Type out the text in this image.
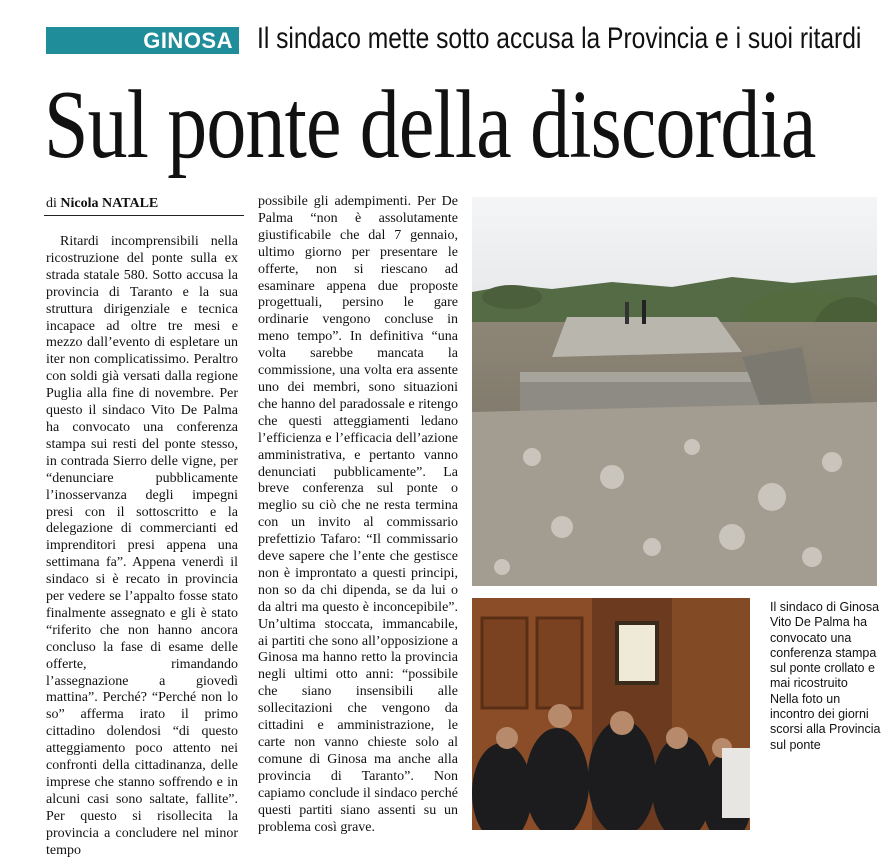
GINOSA Il sindaco mette sotto accusa la Provincia e i suoi ritardi
Sul ponte della discordia
di Nicola NATALE

Ritardi incomprensibili nella ricostruzione del ponte sulla ex strada statale 580. Sotto accusa la provincia di Taranto e la sua struttura dirigenziale e tecnica incapace ad oltre tre mesi e mezzo dall’evento di espletare un iter non complicatissimo. Peraltro con soldi già versati dalla regione Puglia alla fine di novembre. Per questo il sindaco Vito De Palma ha convocato una conferenza stampa sui resti del ponte stesso, in contrada Sierro delle vigne, per “denunciare pubblicamente l’inosservanza degli impegni presi con il sottoscritto e la delegazione di commercianti ed imprenditori presi appena una settimana fa”. Appena venerdì il sindaco si è recato in provincia per vedere se l’appalto fosse stato finalmente assegnato e gli è stato “riferito che non hanno ancora concluso la fase di esame delle offerte, rimandando l’assegnazione a giovedì mattina”. Perché? “Perché non lo so” afferma irato il primo cittadino dolendosi “di questo atteggiamento poco attento nei confronti della cittadinanza, delle imprese che stanno soffrendo e in alcuni casi sono saltate, fallite”. Per questo si risollecita la provincia a concludere nel minor tempo

possibile gli adempimenti. Per De Palma “non è assolutamente giustificabile che dal 7 gennaio, ultimo giorno per presentare le offerte, non si riescano ad esaminare appena due proposte progettuali, persino le gare ordinarie vengono concluse in meno tempo”. In definitiva “una volta sarebbe mancata la commissione, una volta era assente uno dei membri, sono situazioni che hanno del paradossale e ritengo che questi atteggiamenti ledano l’efficienza e l’efficacia dell’azione amministrativa, e pertanto vanno denunciati pubblicamente”. La breve conferenza sul ponte o meglio su ciò che ne resta termina con un invito al commissario prefettizio Tafaro: “Il commissario deve sapere che l’ente che gestisce non è improntato a questi principi, non so da chi dipenda, se da lui o da altri ma questo è inconcepibile”. Un’ultima stoccata, immancabile, ai partiti che sono all’opposizione a Ginosa ma hanno retto la provincia negli ultimi otto anni: “possibile che siano insensibili alle sollecitazioni che vengono da cittadini e amministrazione, le carte non vanno chieste solo al comune di Ginosa ma anche alla provincia di Taranto”. Non capiamo conclude il sindaco perché questi partiti siano assenti su un problema così grave.

Il sindaco di Ginosa
Vito De Palma ha
convocato una
conferenza stampa
sul ponte crollato e
mai ricostruito
Nella foto un
incontro dei giorni
scorsi alla Provincia
sul ponte
